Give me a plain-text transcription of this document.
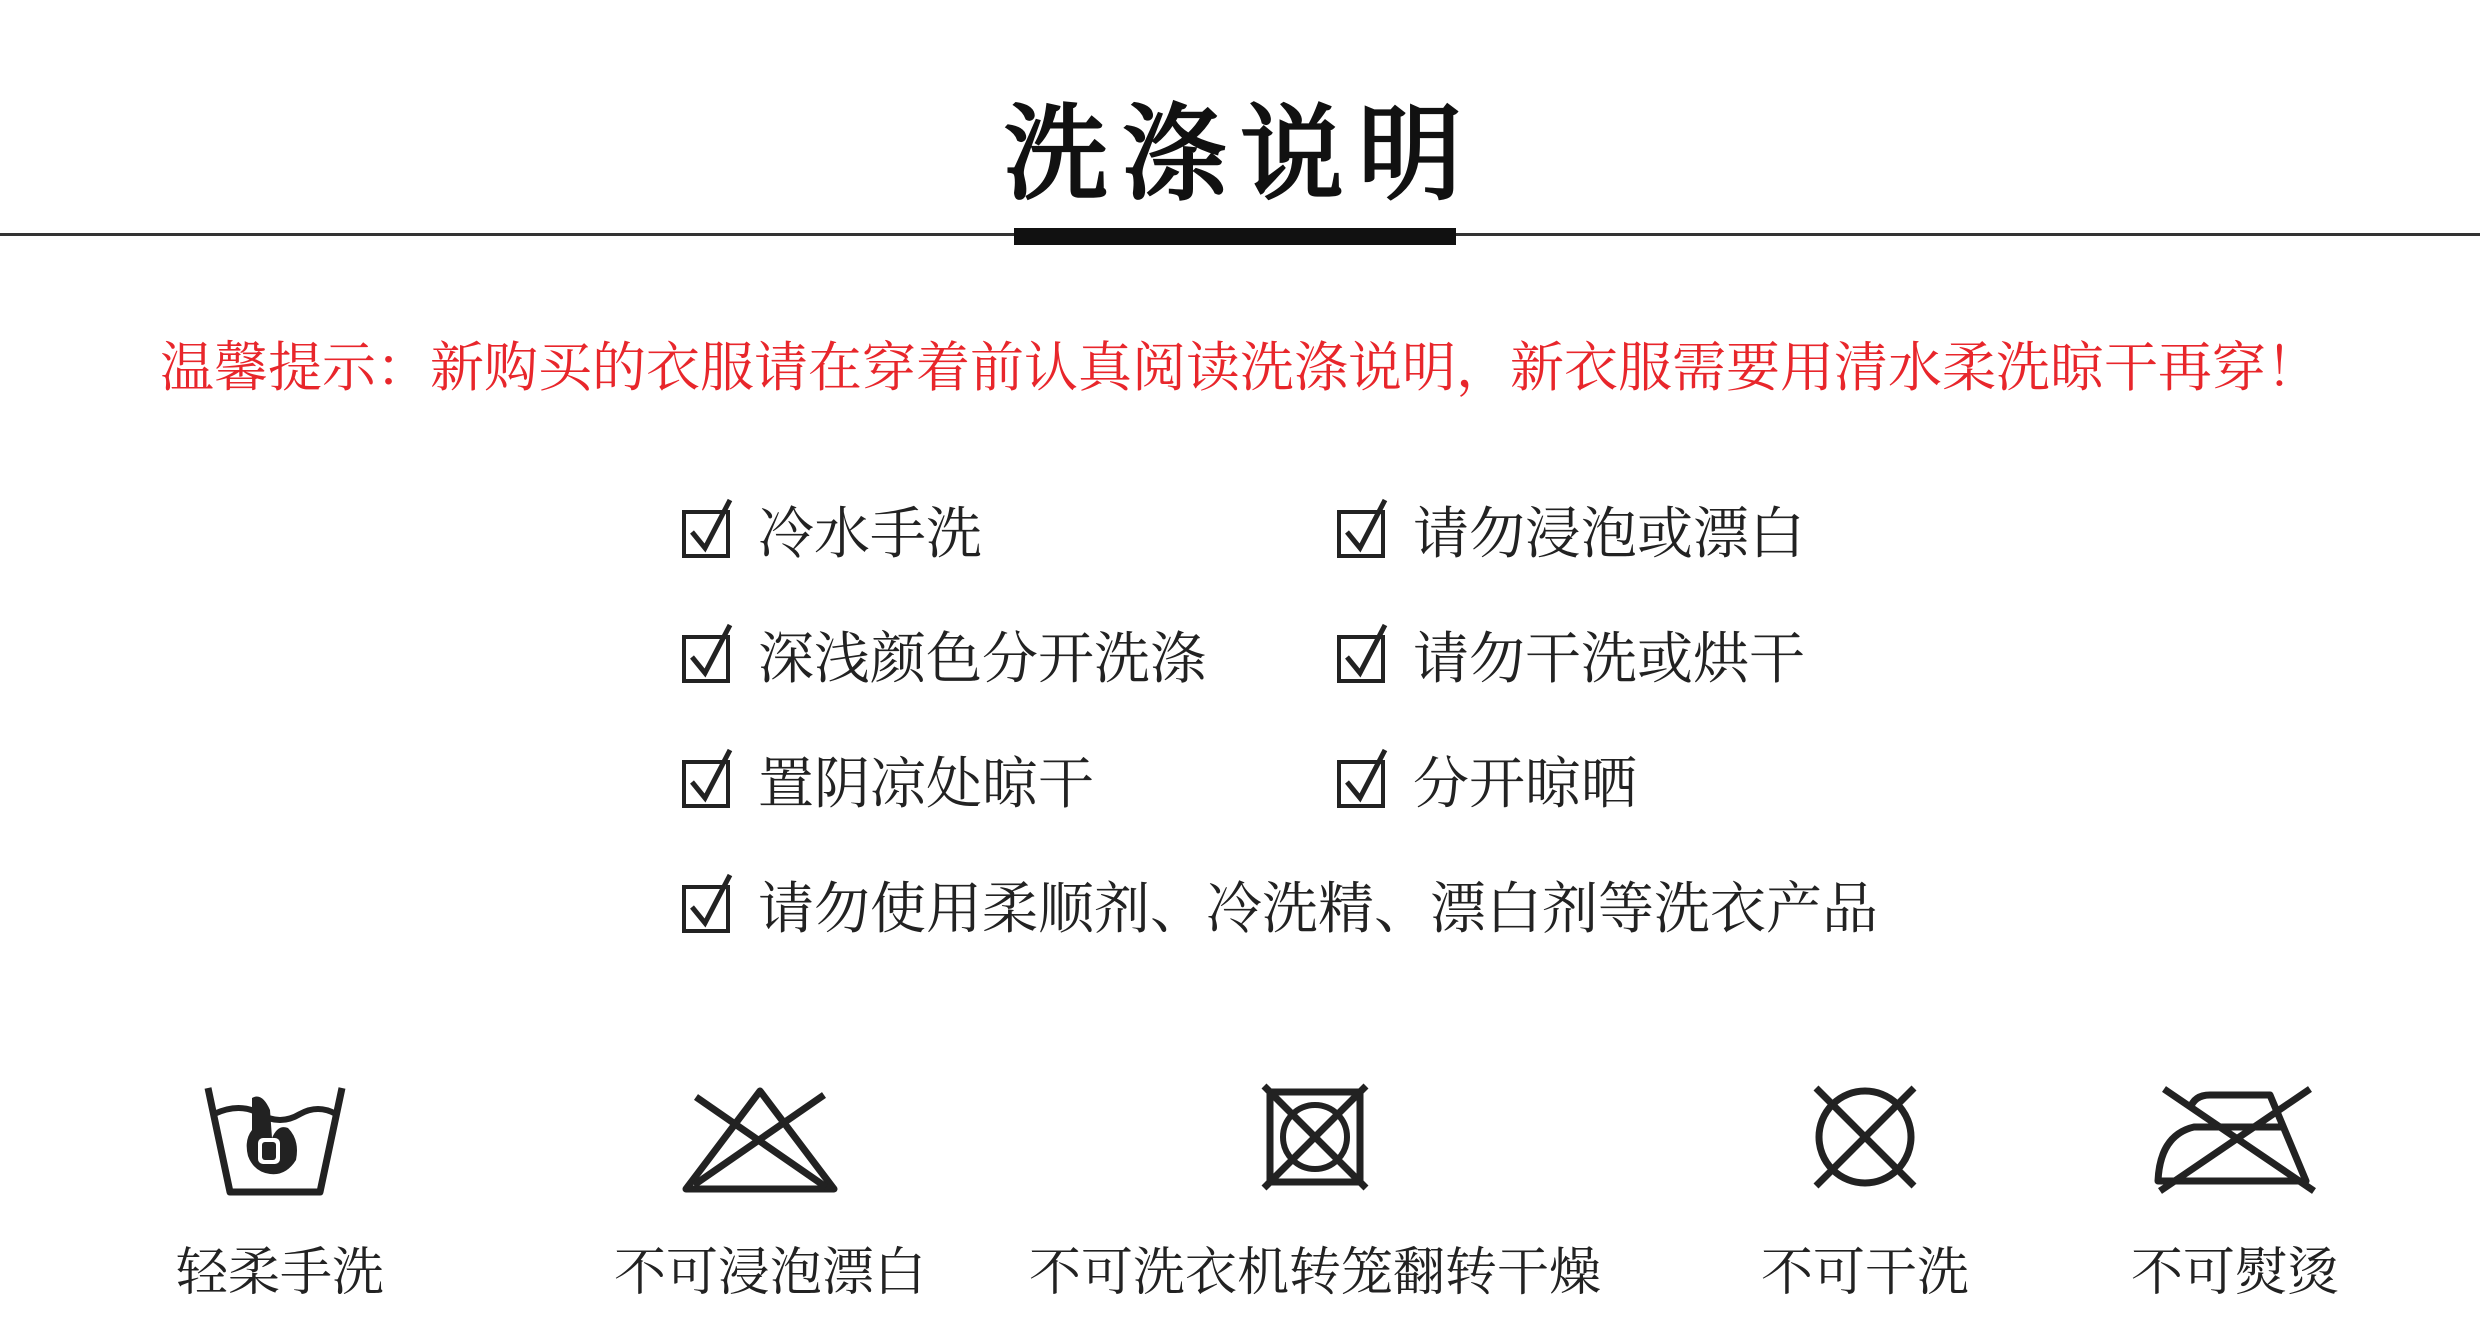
洗涤说明
温馨提示：新购买的衣服请在穿着前认真阅读洗涤说明，新衣服需要用清水柔洗晾干再穿！
冷水手洗	请勿浸泡或漂白
深浅颜色分开洗涤	请勿干洗或烘干
置阴凉处晾干	分开晾晒
请勿使用柔顺剂、冷洗精、漂白剂等洗衣产品
轻柔手洗	不可浸泡漂白	不可洗衣机转笼翻转干燥	不可干洗	不可熨烫
